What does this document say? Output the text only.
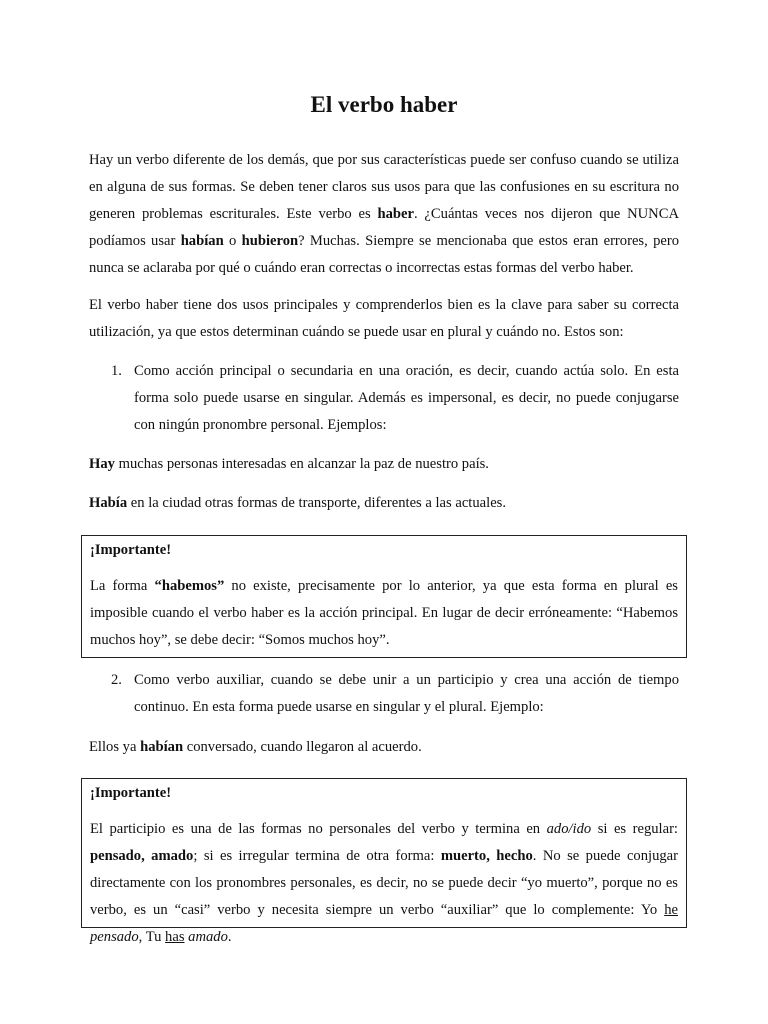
El verbo haber

Hay un verbo diferente de los demás, que por sus características puede ser confuso cuando se utiliza en alguna de sus formas. Se deben tener claros sus usos para que las confusiones en su escritura no generen problemas escriturales. Este verbo es haber. ¿Cuántas veces nos dijeron que NUNCA podíamos usar habían o hubieron? Muchas. Siempre se mencionaba que estos eran errores, pero nunca se aclaraba por qué o cuándo eran correctas o incorrectas estas formas del verbo haber.

El verbo haber tiene dos usos principales y comprenderlos bien es la clave para saber su correcta utilización, ya que estos determinan cuándo se puede usar en plural y cuándo no. Estos son:

1. Como acción principal o secundaria en una oración, es decir, cuando actúa solo. En esta forma solo puede usarse en singular. Además es impersonal, es decir, no puede conjugarse con ningún pronombre personal. Ejemplos:

Hay muchas personas interesadas en alcanzar la paz de nuestro país.

Había en la ciudad otras formas de transporte, diferentes a las actuales.

¡Importante!

La forma “habemos” no existe, precisamente por lo anterior, ya que esta forma en plural es imposible cuando el verbo haber es la acción principal. En lugar de decir erróneamente: “Habemos muchos hoy”, se debe decir: “Somos muchos hoy”.

2. Como verbo auxiliar, cuando se debe unir a un participio y crea una acción de tiempo continuo. En esta forma puede usarse en singular y el plural. Ejemplo:

Ellos ya habían conversado, cuando llegaron al acuerdo.

¡Importante!

El participio es una de las formas no personales del verbo y termina en ado/ido si es regular: pensado, amado; si es irregular termina de otra forma: muerto, hecho. No se puede conjugar directamente con los pronombres personales, es decir, no se puede decir “yo muerto”, porque no es verbo, es un “casi” verbo y necesita siempre un verbo “auxiliar” que lo complemente: Yo he pensado, Tu has amado.
